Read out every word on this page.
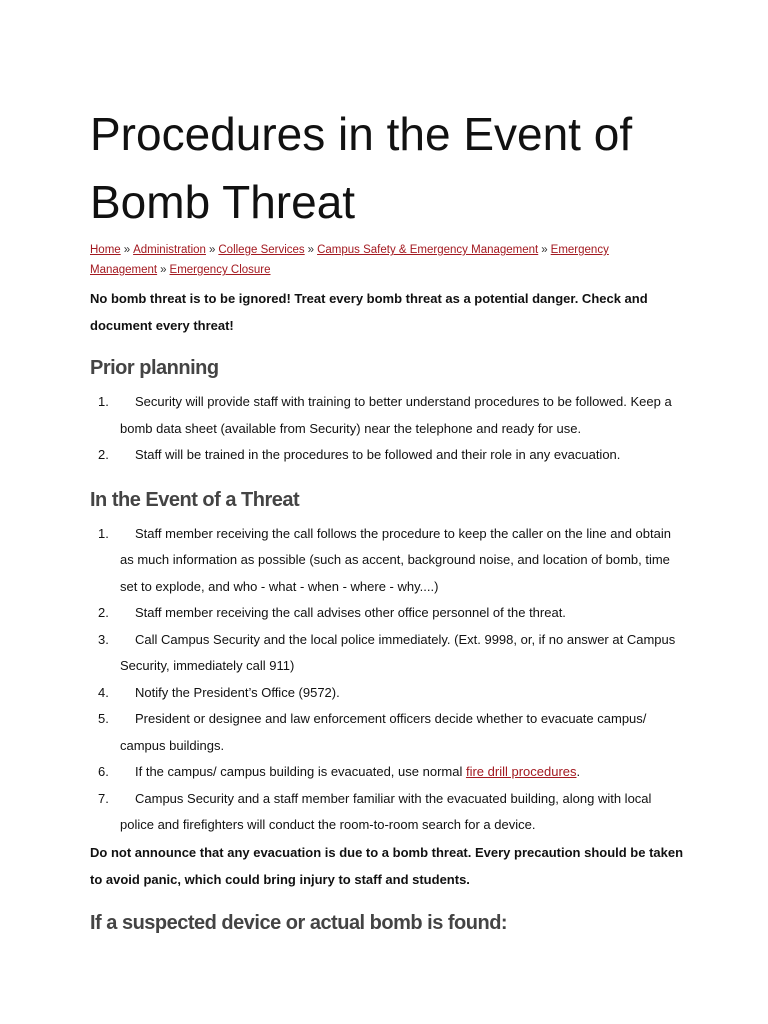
Procedures in the Event of Bomb Threat
Home » Administration » College Services » Campus Safety & Emergency Management » Emergency Management » Emergency Closure

No bomb threat is to be ignored! Treat every bomb threat as a potential danger. Check and document every threat!

Prior planning
1.	Security will provide staff with training to better understand procedures to be followed. Keep a bomb data sheet (available from Security) near the telephone and ready for use.
2.	Staff will be trained in the procedures to be followed and their role in any evacuation.
In the Event of a Threat
1.	Staff member receiving the call follows the procedure to keep the caller on the line and obtain as much information as possible (such as accent, background noise, and location of bomb, time set to explode, and who - what - when - where - why....)
2.	Staff member receiving the call advises other office personnel of the threat.
3.	Call Campus Security and the local police immediately. (Ext. 9998, or, if no answer at Campus Security, immediately call 911)
4.	Notify the President’s Office (9572).
5.	President or designee and law enforcement officers decide whether to evacuate campus/ campus buildings.
6.	If the campus/ campus building is evacuated, use normal fire drill procedures.
7.	Campus Security and a staff member familiar with the evacuated building, along with local police and firefighters will conduct the room-to-room search for a device.

Do not announce that any evacuation is due to a bomb threat. Every precaution should be taken to avoid panic, which could bring injury to staff and students.

If a suspected device or actual bomb is found:
